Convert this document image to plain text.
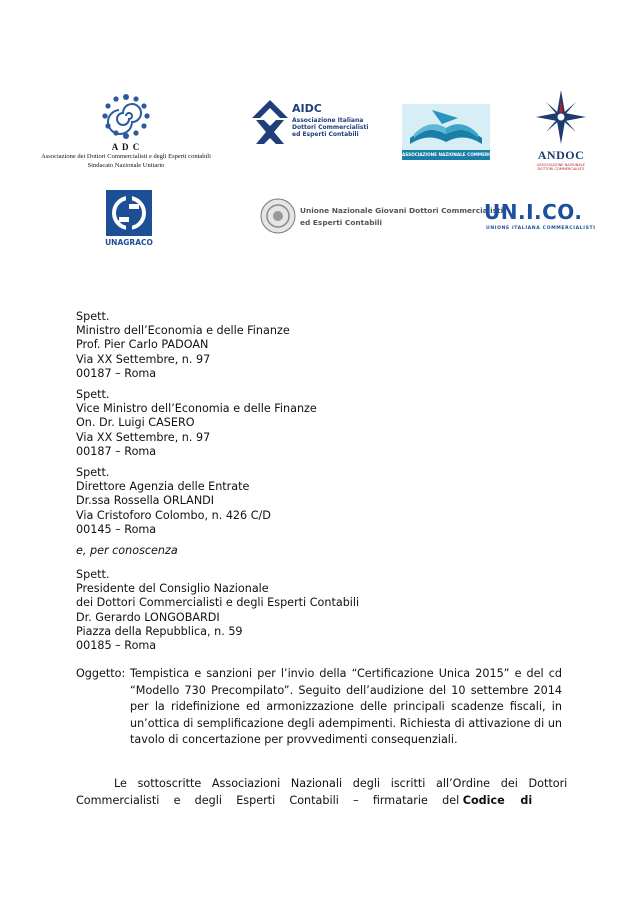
A D C
Associazione dei Dottori Commercialisti e degli Esperti contabili
Sindacato Nazionale Unitario
AIDC
Associazione Italiana
Dottori Commercialisti
ed Esperti Contabili
ASSOCIAZIONE NAZIONALE COMMERCIALISTI	ANDOC
ASSOCIAZIONE NAZIONALE
DOTTORI COMMERCIALISTI
UNAGRACO
Unione Nazionale Giovani Dottori Commercialisti
ed Esperti Contabili	UN.I.CO.
UNIONE ITALIANA COMMERCIALISTI
Spett.
Ministro dell’Economia e delle Finanze
Prof. Pier Carlo PADOAN
Via XX Settembre, n. 97
00187 – Roma
Spett.
Vice Ministro dell’Economia e delle Finanze
On. Dr. Luigi CASERO
Via XX Settembre, n. 97
00187 – Roma
Spett.
Direttore Agenzia delle Entrate
Dr.ssa Rossella ORLANDI
Via Cristoforo Colombo, n. 426 C/D
00145 – Roma
e, per conoscenza
Spett.
Presidente del Consiglio Nazionale
dei Dottori Commercialisti e degli Esperti Contabili
Dr. Gerardo LONGOBARDI
Piazza della Repubblica, n. 59
00185 – Roma
Oggetto: Tempistica e sanzioni per l’invio della “Certificazione Unica 2015” e del cd “Modello 730 Precompilato”. Seguito dell’audizione del 10 settembre 2014 per la ridefinizione ed armonizzazione delle principali scadenze fiscali, in un’ottica di semplificazione degli adempimenti. Richiesta di attivazione di un tavolo di concertazione per provvedimenti consequenziali.
Le   sottoscritte   Associazioni   Nazionali   degli   iscritti   all’Ordine   dei   Dottori
Commercialisti    e    degli    Esperti    Contabili    –    firmatarie    del Codice    di
